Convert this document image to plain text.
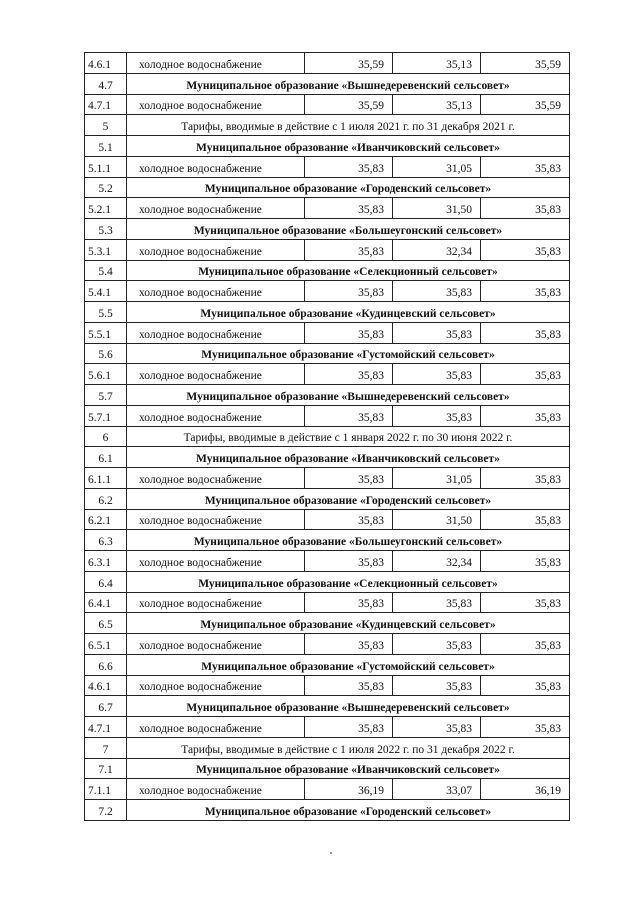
4.6.1	холодное водоснабжение	35,59	35,13	35,59
4.7	Муниципальное образование «Вышнедеревенский сельсовет»			
4.7.1	холодное водоснабжение	35,59	35,13	35,59
5	Тарифы, вводимые в действие с 1 июля 2021 г. по 31 декабря 2021 г.			
5.1	Муниципальное образование «Иванчиковский сельсовет»			
5.1.1	холодное водоснабжение	35,83	31,05	35,83
5.2	Муниципальное образование «Городенский сельсовет»			
5.2.1	холодное водоснабжение	35,83	31,50	35,83
5.3	Муниципальное образование «Большеугонский сельсовет»			
5.3.1	холодное водоснабжение	35,83	32,34	35,83
5.4	Муниципальное образование «Селекционный сельсовет»			
5.4.1	холодное водоснабжение	35,83	35,83	35,83
5.5	Муниципальное образование «Кудинцевский сельсовет»			
5.5.1	холодное водоснабжение	35,83	35,83	35,83
5.6	Муниципальное образование «Густомойский сельсовет»			
5.6.1	холодное водоснабжение	35,83	35,83	35,83
5.7	Муниципальное образование «Вышнедеревенский сельсовет»			
5.7.1	холодное водоснабжение	35,83	35,83	35,83
6	Тарифы, вводимые в действие с 1 января 2022 г. по 30 июня 2022 г.			
6.1	Муниципальное образование «Иванчиковский сельсовет»			
6.1.1	холодное водоснабжение	35,83	31,05	35,83
6.2	Муниципальное образование «Городенский сельсовет»			
6.2.1	холодное водоснабжение	35,83	31,50	35,83
6.3	Муниципальное образование «Большеугонский сельсовет»			
6.3.1	холодное водоснабжение	35,83	32,34	35,83
6.4	Муниципальное образование «Селекционный сельсовет»			
6.4.1	холодное водоснабжение	35,83	35,83	35,83
6.5	Муниципальное образование «Кудинцевский сельсовет»			
6.5.1	холодное водоснабжение	35,83	35,83	35,83
6.6	Муниципальное образование «Густомойский сельсовет»			
4.6.1	холодное водоснабжение	35,83	35,83	35,83
6.7	Муниципальное образование «Вышнедеревенский сельсовет»			
4.7.1	холодное водоснабжение	35,83	35,83	35,83
7	Тарифы, вводимые в действие с 1 июля 2022 г. по 31 декабря 2022 г.			
7.1	Муниципальное образование «Иванчиковский сельсовет»			
7.1.1	холодное водоснабжение	36,19	33,07	36,19
7.2	Муниципальное образование «Городенский сельсовет»			
